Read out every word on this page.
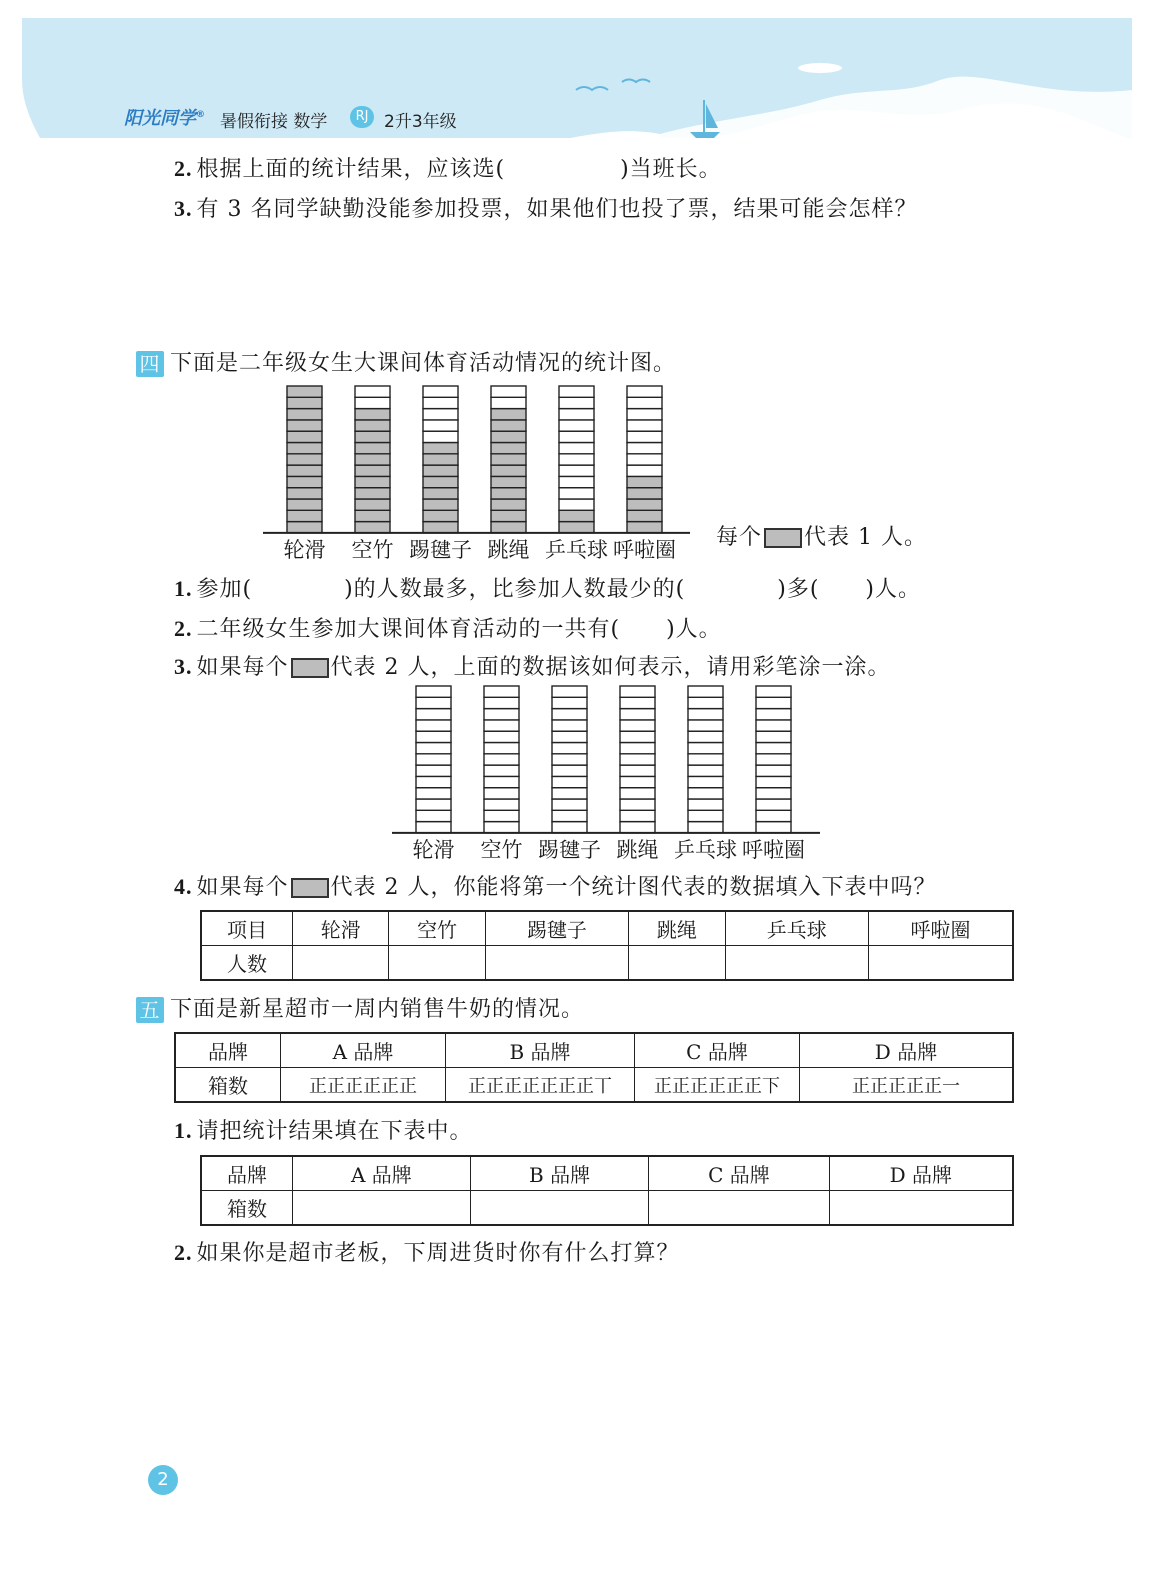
阳光同学® 暑假衔接 数学	RJ 2升3年级
2. 根据上面的统计结果，应该选(　　　　　)当班长。
3. 有 3 名同学缺勤没能参加投票，如果他们也投了票，结果可能会怎样？
四 下面是二年级女生大课间体育活动情况的统计图。
轮滑 空竹 踢毽子 跳绳 乒乓球 呼啦圈 每个 代表 1 人。
1. 参加(　　　　)的人数最多，比参加人数最少的(　　　　)多(　　)人。
2. 二年级女生参加大课间体育活动的一共有(　　)人。
3. 如果每个 代表 2 人，上面的数据该如何表示，请用彩笔涂一涂。
轮滑 空竹 踢毽子 跳绳 乒乓球 呼啦圈
4. 如果每个 代表 2 人，你能将第一个统计图代表的数据填入下表中吗？
项目	轮滑	空竹	踢毽子	跳绳	乒乓球	呼啦圈
人数						
五 下面是新星超市一周内销售牛奶的情况。
品牌	A 品牌	B 品牌	C 品牌	D 品牌
箱数	正正正正正正	正正正正正正正丅	正正正正正正下	正正正正正一
1. 请把统计结果填在下表中。
品牌	A 品牌	B 品牌	C 品牌	D 品牌
箱数				
2. 如果你是超市老板，下周进货时你有什么打算？
2
